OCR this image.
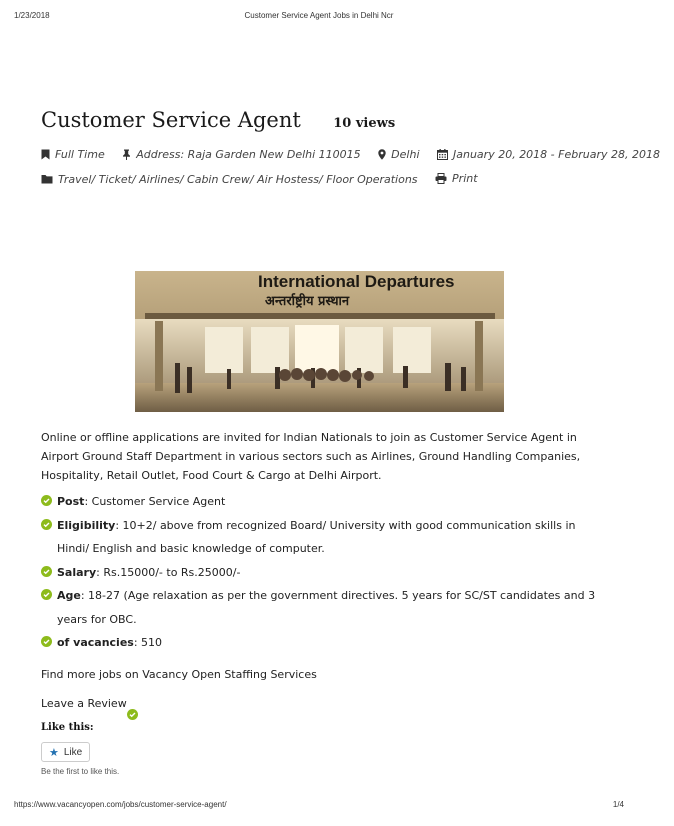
1/23/2018	Customer Service Agent Jobs in Delhi Ncr
Customer Service Agent 10 views
Full Time
	Address: Raja Garden New Delhi 110015
	Delhi
	January 20, 2018 - February 28, 2018
Travel/ Ticket/ Airlines/ Cabin Crew/ Air Hostess/ Floor Operations
	Print
International Departures
अन्तर्राष्ट्रीय प्रस्थान
Online or offline applications are invited for Indian Nationals to join as Customer Service Agent in Airport Ground Staff Department in various sectors such as Airlines, Ground Handling Companies, Hospitality, Retail Outlet, Food Court & Cargo at Delhi Airport.
Post: Customer Service Agent
Eligibility: 10+2/ above from recognized Board/ University with good communication skills in Hindi/ English and basic knowledge of computer.
Salary: Rs.15000/- to Rs.25000/-
Age: 18-27 (Age relaxation as per the government directives. 5 years for SC/ST candidates and 3 years for OBC.
of vacancies: 510
Find more jobs on Vacancy Open Staffing Services
Leave a Review
Like this:
★ Like
Be the first to like this.
https://www.vacancyopen.com/jobs/customer-service-agent/	1/4
